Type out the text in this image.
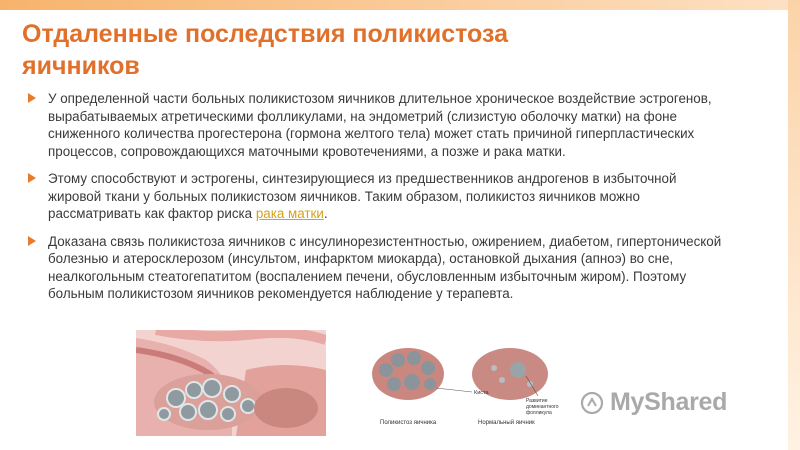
Отдаленные последствия поликистоза яичников
У определенной части больных поликистозом яичников длительное хроническое воздействие эстрогенов, вырабатываемых атретическими фолликулами, на эндометрий (слизистую оболочку матки) на фоне сниженного количества прогестерона (гормона желтого тела) может стать причиной гиперпластических процессов, сопровождающихся маточными кровотечениями, а позже и рака матки.
Этому способствуют и эстрогены, синтезирующиеся из предшественников андрогенов в избыточной жировой ткани у больных поликистозом яичников. Таким образом, поликистоз яичников можно рассматривать как фактор риска рака матки.
Доказана связь поликистоза яичников с инсулинорезистентностью, ожирением, диабетом, гипертонической болезнью и атеросклерозом (инсультом, инфарктом миокарда), остановкой дыхания (апноэ) во сне, неалкогольным стеатогепатитом (воспалением печени, обусловленным избыточным жиром). Поэтому больным поликистозом яичников рекомендуется наблюдение у терапевта.
Киста
Развитие
доминантного
фолликула
Поликистоз яичника	Нормальный яичник
MyShared
